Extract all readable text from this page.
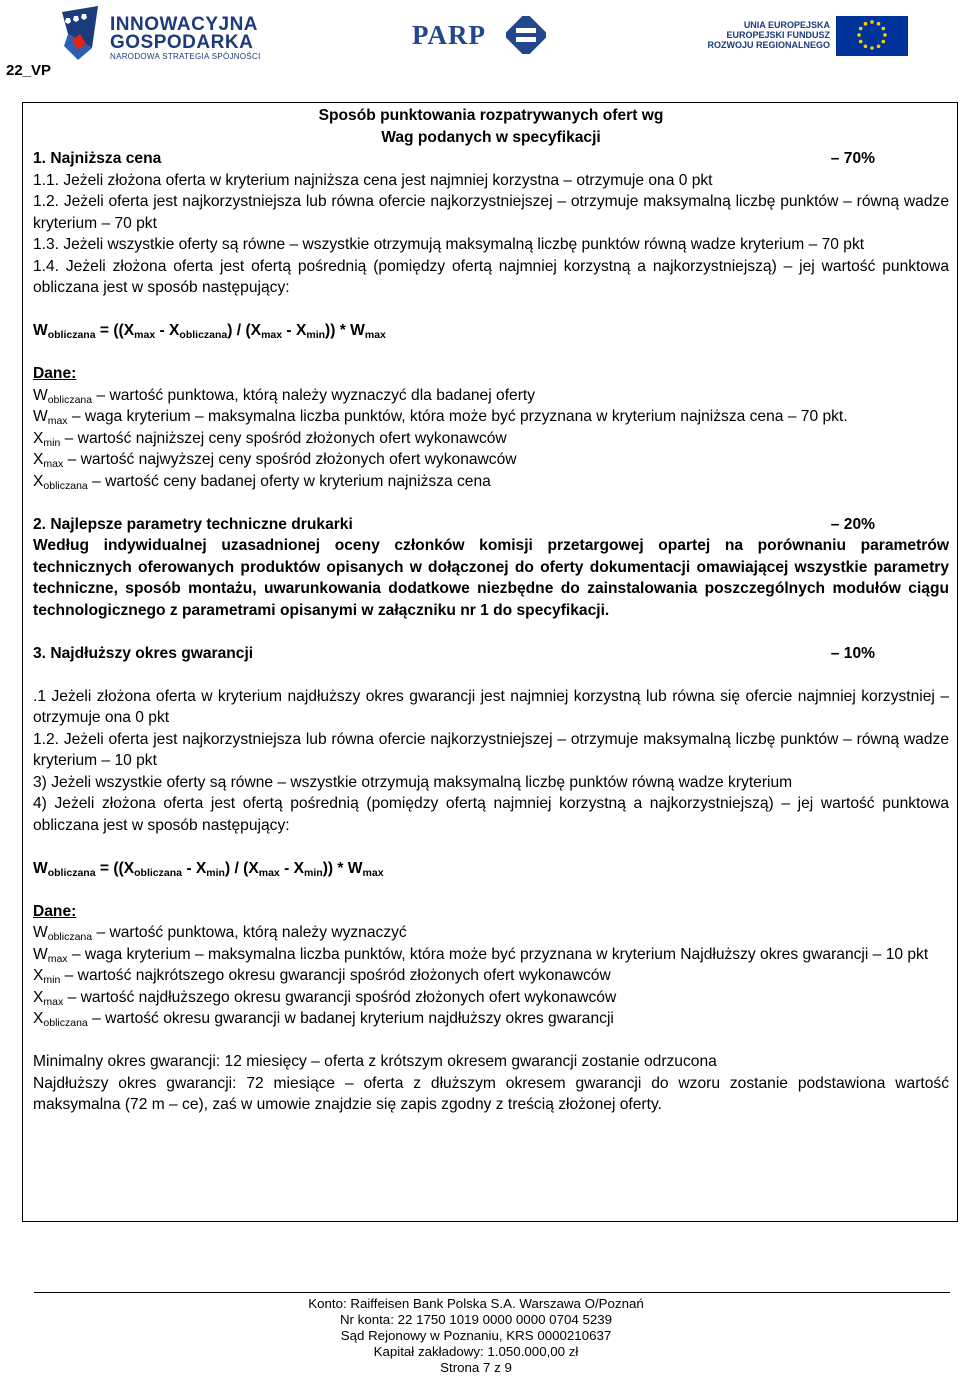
22_VP
INNOWACYJNA
GOSPODARKA
NARODOWA STRATEGIA SPÓJNOŚCI
PARP	UNIA EUROPEJSKA
EUROPEJSKI FUNDUSZ
ROZWOJU REGIONALNEGO

Sposób punktowania rozpatrywanych ofert wg

Wag podanych w specyfikacji

1. Najniższa cena	– 70%

1.1. Jeżeli złożona oferta w kryterium najniższa cena jest najmniej korzystna – otrzymuje ona 0 pkt

1.2. Jeżeli oferta jest najkorzystniejsza lub równa ofercie najkorzystniejszej – otrzymuje maksymalną liczbę punktów – równą wadze kryterium – 70 pkt

1.3. Jeżeli wszystkie oferty są równe – wszystkie otrzymują maksymalną liczbę punktów równą wadze kryterium – 70 pkt

1.4. Jeżeli złożona oferta jest ofertą pośrednią (pomiędzy ofertą najmniej korzystną a najkorzystniejszą) – jej wartość punktowa obliczana jest w sposób następujący:

$W_{obliczana} = ((X_{max} - X_{obliczana}) / (X_{max} - X_{min})) * W_{max}$

Dane:

$W_{obliczana}$ – wartość punktowa, którą należy wyznaczyć dla badanej oferty

$W_{max}$ – waga kryterium – maksymalna liczba punktów, która może być przyznana w kryterium najniższa cena – 70 pkt.

$X_{min}$ – wartość najniższej ceny spośród złożonych ofert wykonawców

$X_{max}$ – wartość najwyższej ceny spośród złożonych ofert wykonawców

$X_{obliczana}$ – wartość ceny badanej oferty w kryterium najniższa cena

2. Najlepsze parametry techniczne drukarki	– 20%

Według indywidualnej uzasadnionej oceny członków komisji przetargowej opartej na porównaniu parametrów technicznych oferowanych produktów opisanych w dołączonej do oferty dokumentacji omawiającej wszystkie parametry techniczne, sposób montażu, uwarunkowania dodatkowe niezbędne do zainstalowania poszczególnych modułów ciągu technologicznego z parametrami opisanymi w załączniku nr 1 do specyfikacji.

3. Najdłuższy okres gwarancji	– 10%

.1 Jeżeli złożona oferta w kryterium najdłuższy okres gwarancji jest najmniej korzystną lub równa się ofercie najmniej korzystniej – otrzymuje ona 0 pkt

1.2. Jeżeli oferta jest najkorzystniejsza lub równa ofercie najkorzystniejszej – otrzymuje maksymalną liczbę punktów – równą wadze kryterium – 10 pkt

3) Jeżeli wszystkie oferty są równe – wszystkie otrzymują maksymalną liczbę punktów równą wadze kryterium

4) Jeżeli złożona oferta jest ofertą pośrednią (pomiędzy ofertą najmniej korzystną a najkorzystniejszą) – jej wartość punktowa obliczana jest w sposób następujący:

$W_{obliczana} = ((X_{obliczana} - X_{min}) / (X_{max} - X_{min})) * W_{max}$

Dane:

$W_{obliczana}$ – wartość punktowa, którą należy wyznaczyć

$W_{max}$ – waga kryterium – maksymalna liczba punktów, która może być przyznana w kryterium Najdłuższy okres gwarancji – 10 pkt

$X_{min}$ – wartość najkrótszego okresu gwarancji spośród złożonych ofert wykonawców

$X_{max}$ – wartość najdłuższego okresu gwarancji spośród złożonych ofert wykonawców

$X_{obliczana}$ – wartość okresu gwarancji w badanej kryterium najdłuższy okres gwarancji

Minimalny okres gwarancji: 12 miesięcy – oferta z krótszym okresem gwarancji zostanie odrzucona

Najdłuższy okres gwarancji: 72 miesiące – oferta z dłuższym okresem gwarancji do wzoru zostanie podstawiona wartość maksymalna (72 m – ce), zaś w umowie znajdzie się zapis zgodny z treścią złożonej oferty.

Konto: Raiffeisen Bank Polska S.A. Warszawa O/Poznań
Nr konta: 22 1750 1019 0000 0000 0704 5239
Sąd Rejonowy w Poznaniu, KRS 0000210637
Kapitał zakładowy: 1.050.000,00 zł
Strona 7 z 9
